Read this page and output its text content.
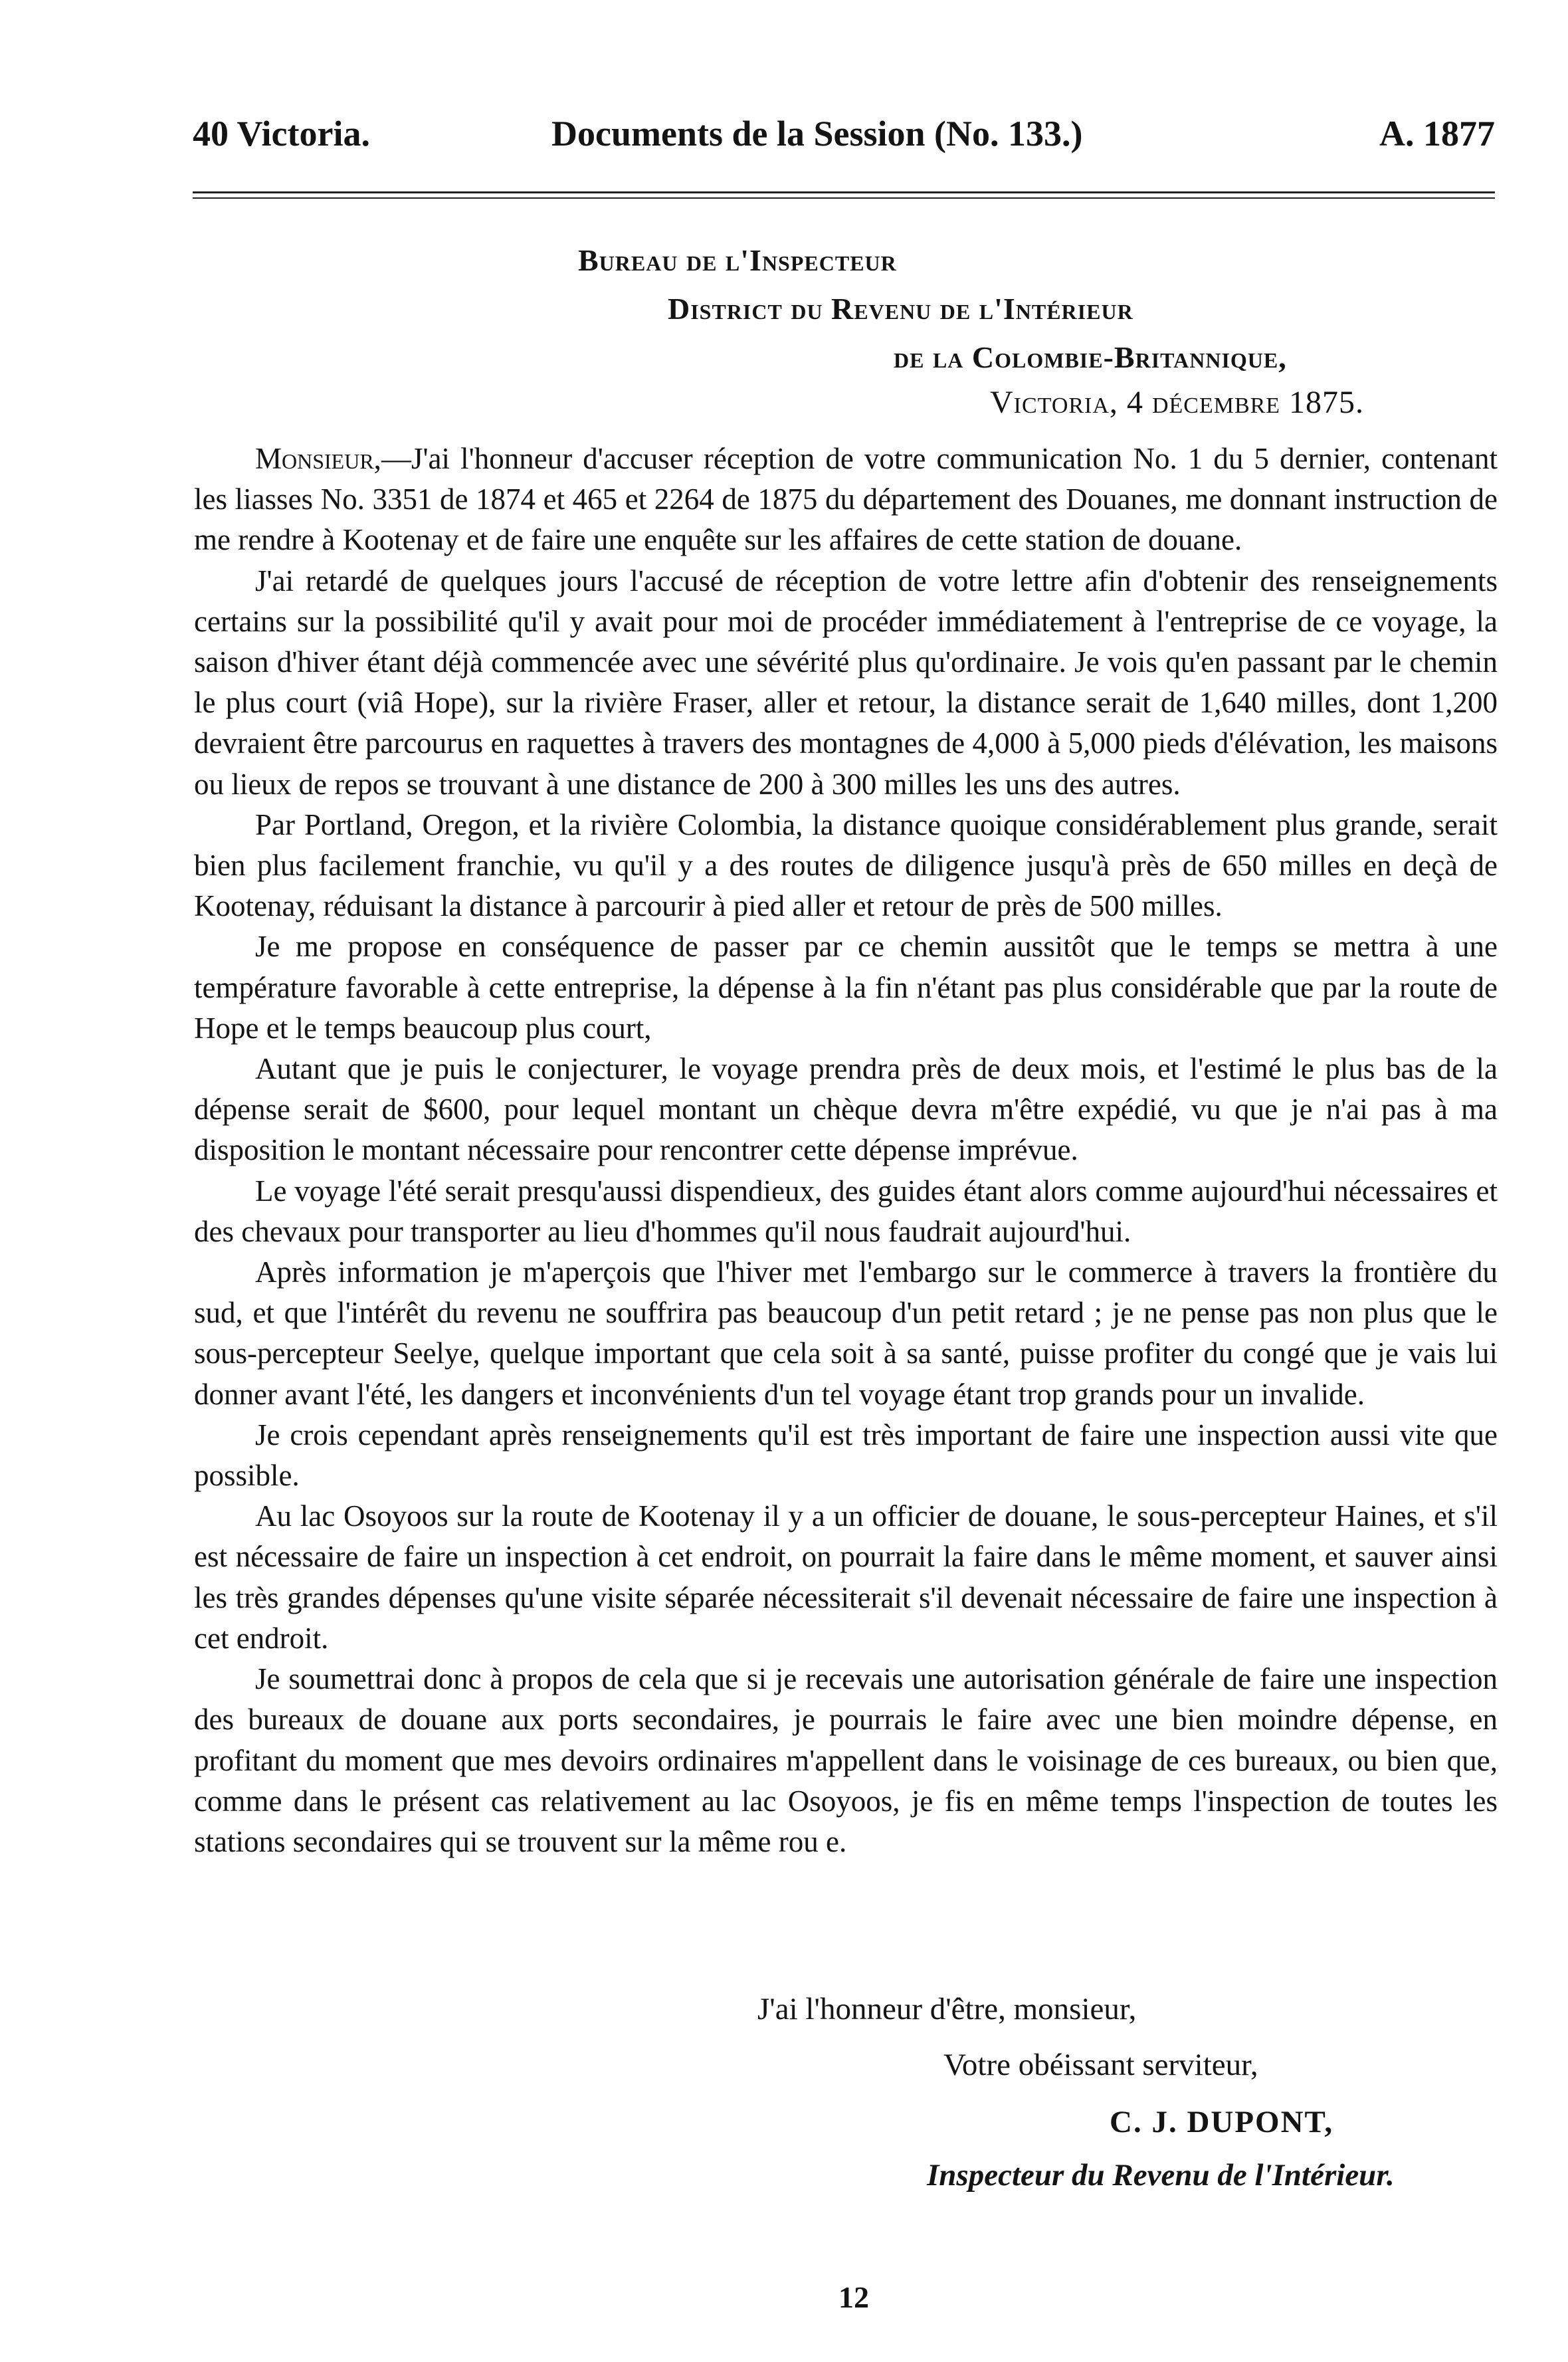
40 Victoria.	Documents de la Session (No. 133.)	A. 1877
Bureau de l'Inspecteur
District du Revenu de l'Intérieur
de la Colombie-Britannique,
Victoria, 4 décembre 1875.

Monsieur,—J'ai l'honneur d'accuser réception de votre communication No. 1 du 5 dernier, contenant les liasses No. 3351 de 1874 et 465 et 2264 de 1875 du département des Douanes, me donnant instruction de me rendre à Kootenay et de faire une enquête sur les affaires de cette station de douane.

J'ai retardé de quelques jours l'accusé de réception de votre lettre afin d'obtenir des renseignements certains sur la possibilité qu'il y avait pour moi de procéder immédiatement à l'entreprise de ce voyage, la saison d'hiver étant déjà commencée avec une sévérité plus qu'ordinaire. Je vois qu'en passant par le chemin le plus court (viâ Hope), sur la rivière Fraser, aller et retour, la distance serait de 1,640 milles, dont 1,200 devraient être parcourus en raquettes à travers des montagnes de 4,000 à 5,000 pieds d'élévation, les maisons ou lieux de repos se trouvant à une distance de 200 à 300 milles les uns des autres.

Par Portland, Oregon, et la rivière Colombia, la distance quoique considérablement plus grande, serait bien plus facilement franchie, vu qu'il y a des routes de diligence jusqu'à près de 650 milles en deçà de Kootenay, réduisant la distance à parcourir à pied aller et retour de près de 500 milles.

Je me propose en conséquence de passer par ce chemin aussitôt que le temps se mettra à une température favorable à cette entreprise, la dépense à la fin n'étant pas plus considérable que par la route de Hope et le temps beaucoup plus court,

Autant que je puis le conjecturer, le voyage prendra près de deux mois, et l'estimé le plus bas de la dépense serait de $600, pour lequel montant un chèque devra m'être expédié, vu que je n'ai pas à ma disposition le montant nécessaire pour rencontrer cette dépense imprévue.

Le voyage l'été serait presqu'aussi dispendieux, des guides étant alors comme aujourd'hui nécessaires et des chevaux pour transporter au lieu d'hommes qu'il nous faudrait aujourd'hui.

Après information je m'aperçois que l'hiver met l'embargo sur le commerce à travers la frontière du sud, et que l'intérêt du revenu ne souffrira pas beaucoup d'un petit retard ; je ne pense pas non plus que le sous-percepteur Seelye, quelque important que cela soit à sa santé, puisse profiter du congé que je vais lui donner avant l'été, les dangers et inconvénients d'un tel voyage étant trop grands pour un invalide.

Je crois cependant après renseignements qu'il est très important de faire une inspection aussi vite que possible.

Au lac Osoyoos sur la route de Kootenay il y a un officier de douane, le sous-percepteur Haines, et s'il est nécessaire de faire un inspection à cet endroit, on pourrait la faire dans le même moment, et sauver ainsi les très grandes dépenses qu'une visite séparée nécessiterait s'il devenait nécessaire de faire une inspection à cet endroit.

Je soumettrai donc à propos de cela que si je recevais une autorisation générale de faire une inspection des bureaux de douane aux ports secondaires, je pourrais le faire avec une bien moindre dépense, en profitant du moment que mes devoirs ordinaires m'appellent dans le voisinage de ces bureaux, ou bien que, comme dans le présent cas relativement au lac Osoyoos, je fis en même temps l'inspection de toutes les stations secondaires qui se trouvent sur la même rou e.

J'ai l'honneur d'être, monsieur,
Votre obéissant serviteur,
C. J. DUPONT,
Inspecteur du Revenu de l'Intérieur.
12
